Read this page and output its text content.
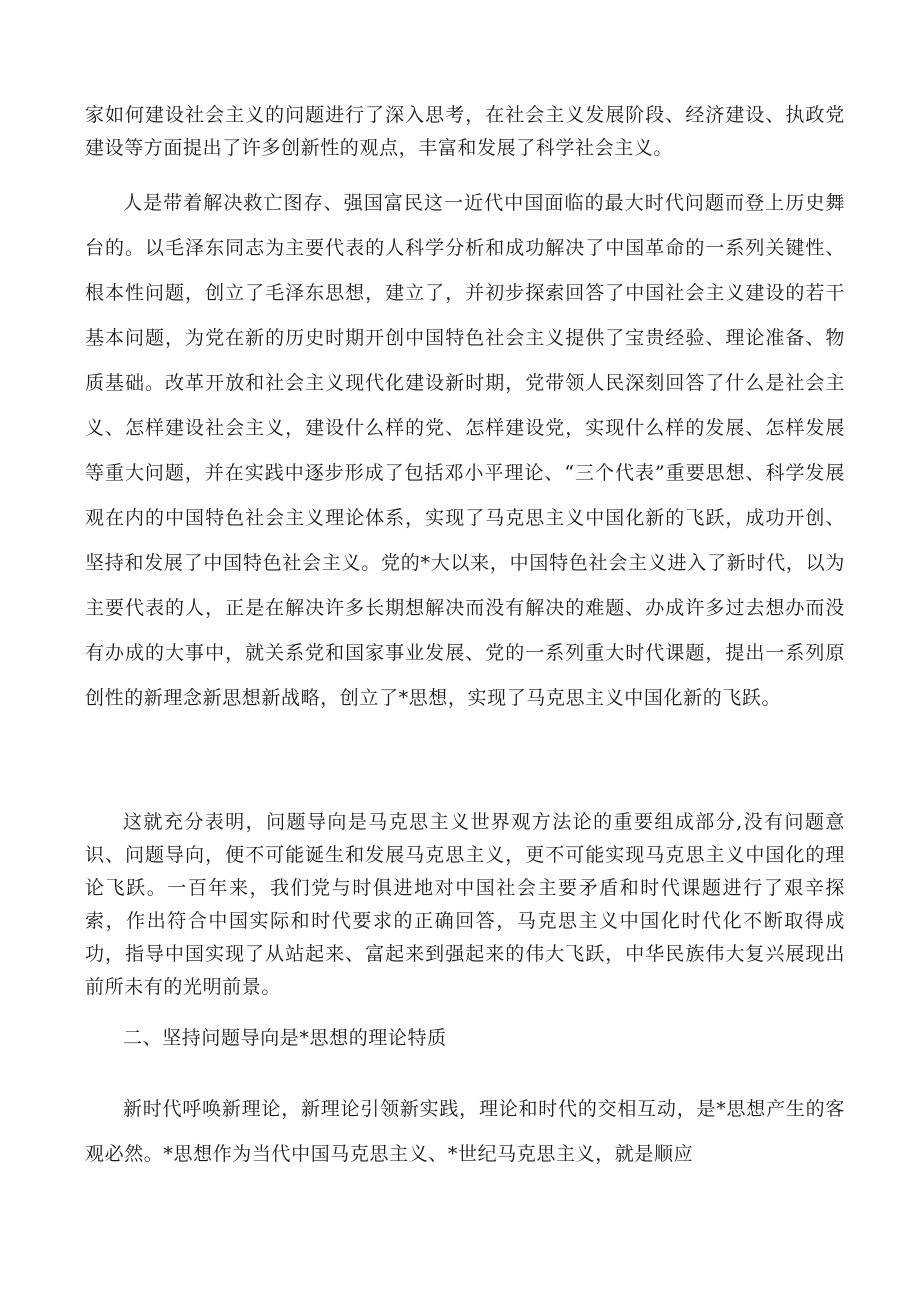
家如何建设社会主义的问题进行了深入思考，在社会主义发展阶段、经济建设、执政党建设等方面提出了许多创新性的观点，丰富和发展了科学社会主义。

人是带着解决救亡图存、强国富民这一近代中国面临的最大时代问题而登上历史舞台的。以毛泽东同志为主要代表的人科学分析和成功解决了中国革命的一系列关键性、根本性问题，创立了毛泽东思想，建立了，并初步探索回答了中国社会主义建设的若干基本问题，为党在新的历史时期开创中国特色社会主义提供了宝贵经验、理论准备、物质基础。改革开放和社会主义现代化建设新时期，党带领人民深刻回答了什么是社会主义、怎样建设社会主义，建设什么样的党、怎样建设党，实现什么样的发展、怎样发展等重大问题，并在实践中逐步形成了包括邓小平理论、“三个代表”重要思想、科学发展观在内的中国特色社会主义理论体系，实现了马克思主义中国化新的飞跃，成功开创、坚持和发展了中国特色社会主义。党的*大以来，中国特色社会主义进入了新时代，以为主要代表的人，正是在解决许多长期想解决而没有解决的难题、办成许多过去想办而没有办成的大事中，就关系党和国家事业发展、党的一系列重大时代课题，提出一系列原创性的新理念新思想新战略，创立了*思想，实现了马克思主义中国化新的飞跃。

这就充分表明，问题导向是马克思主义世界观方法论的重要组成部分,没有问题意识、问题导向，便不可能诞生和发展马克思主义，更不可能实现马克思主义中国化的理论飞跃。一百年来，我们党与时俱进地对中国社会主要矛盾和时代课题进行了艰辛探索，作出符合中国实际和时代要求的正确回答，马克思主义中国化时代化不断取得成功，指导中国实现了从站起来、富起来到强起来的伟大飞跃，中华民族伟大复兴展现出前所未有的光明前景。

二、坚持问题导向是*思想的理论特质

新时代呼唤新理论，新理论引领新实践，理论和时代的交相互动，是*思想产生的客观必然。*思想作为当代中国马克思主义、*世纪马克思主义，就是顺应
